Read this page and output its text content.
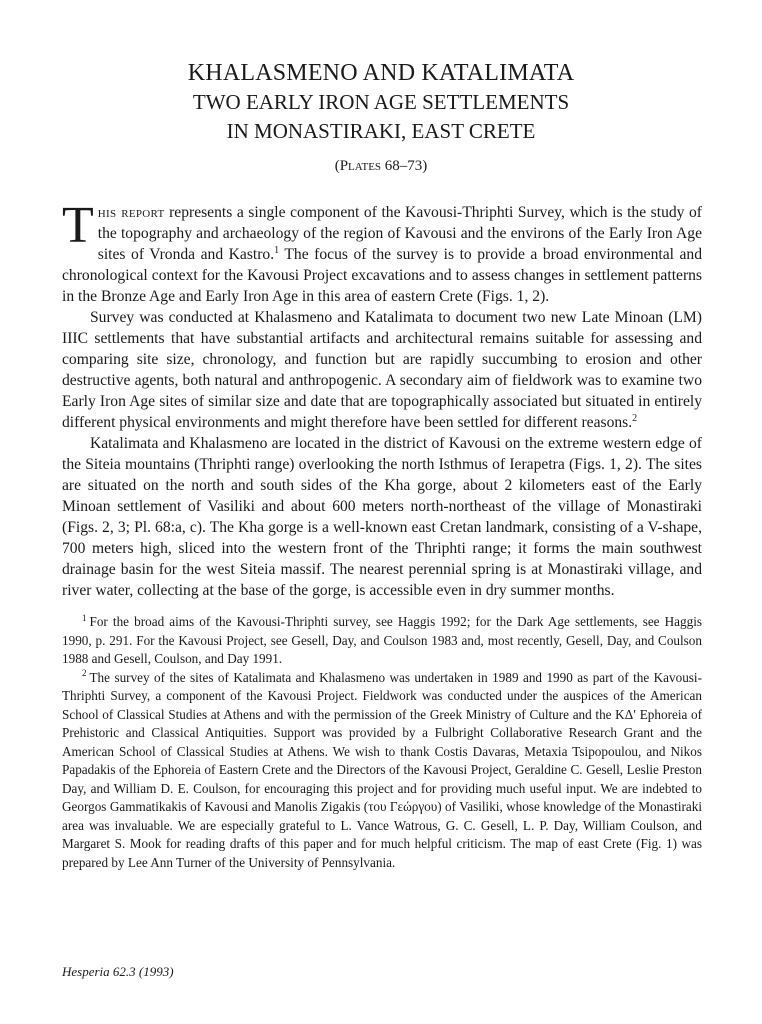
KHALASMENO AND KATALIMATA
TWO EARLY IRON AGE SETTLEMENTS
IN MONASTIRAKI, EAST CRETE
(Plates 68–73)

This report represents a single component of the Kavousi-Thriphti Survey, which is the study of the topography and archaeology of the region of Kavousi and the environs of the Early Iron Age sites of Vronda and Kastro.$^1$ The focus of the survey is to provide a broad environmental and chronological context for the Kavousi Project excavations and to assess changes in settlement patterns in the Bronze Age and Early Iron Age in this area of eastern Crete (Figs. 1, 2).

Survey was conducted at Khalasmeno and Katalimata to document two new Late Minoan (LM) IIIC settlements that have substantial artifacts and architectural remains suitable for assessing and comparing site size, chronology, and function but are rapidly succumbing to erosion and other destructive agents, both natural and anthropogenic. A secondary aim of fieldwork was to examine two Early Iron Age sites of similar size and date that are topographically associated but situated in entirely different physical environments and might therefore have been settled for different reasons.$^2$

Katalimata and Khalasmeno are located in the district of Kavousi on the extreme western edge of the Siteia mountains (Thriphti range) overlooking the north Isthmus of Ierapetra (Figs. 1, 2). The sites are situated on the north and south sides of the Kha gorge, about 2 kilometers east of the Early Minoan settlement of Vasiliki and about 600 meters north-northeast of the village of Monastiraki (Figs. 2, 3; Pl. 68:a, c). The Kha gorge is a well-known east Cretan landmark, consisting of a V-shape, 700 meters high, sliced into the western front of the Thriphti range; it forms the main southwest drainage basin for the west Siteia massif. The nearest perennial spring is at Monastiraki village, and river water, collecting at the base of the gorge, is accessible even in dry summer months.

$^1$ For the broad aims of the Kavousi-Thriphti survey, see Haggis 1992; for the Dark Age settlements, see Haggis 1990, p. 291. For the Kavousi Project, see Gesell, Day, and Coulson 1983 and, most recently, Gesell, Day, and Coulson 1988 and Gesell, Coulson, and Day 1991.

$^2$ The survey of the sites of Katalimata and Khalasmeno was undertaken in 1989 and 1990 as part of the Kavousi-Thriphti Survey, a component of the Kavousi Project. Fieldwork was conducted under the auspices of the American School of Classical Studies at Athens and with the permission of the Greek Ministry of Culture and the ΚΔ′ Ephoreia of Prehistoric and Classical Antiquities. Support was provided by a Fulbright Collaborative Research Grant and the American School of Classical Studies at Athens. We wish to thank Costis Davaras, Metaxia Tsipopoulou, and Nikos Papadakis of the Ephoreia of Eastern Crete and the Directors of the Kavousi Project, Geraldine C. Gesell, Leslie Preston Day, and William D. E. Coulson, for encouraging this project and for providing much useful input. We are indebted to Georgos Gammatikakis of Kavousi and Manolis Zigakis (του Γεώργου) of Vasiliki, whose knowledge of the Monastiraki area was invaluable. We are especially grateful to L. Vance Watrous, G. C. Gesell, L. P. Day, William Coulson, and Margaret S. Mook for reading drafts of this paper and for much helpful criticism. The map of east Crete (Fig. 1) was prepared by Lee Ann Turner of the University of Pennsylvania.

Hesperia 62.3 (1993)
